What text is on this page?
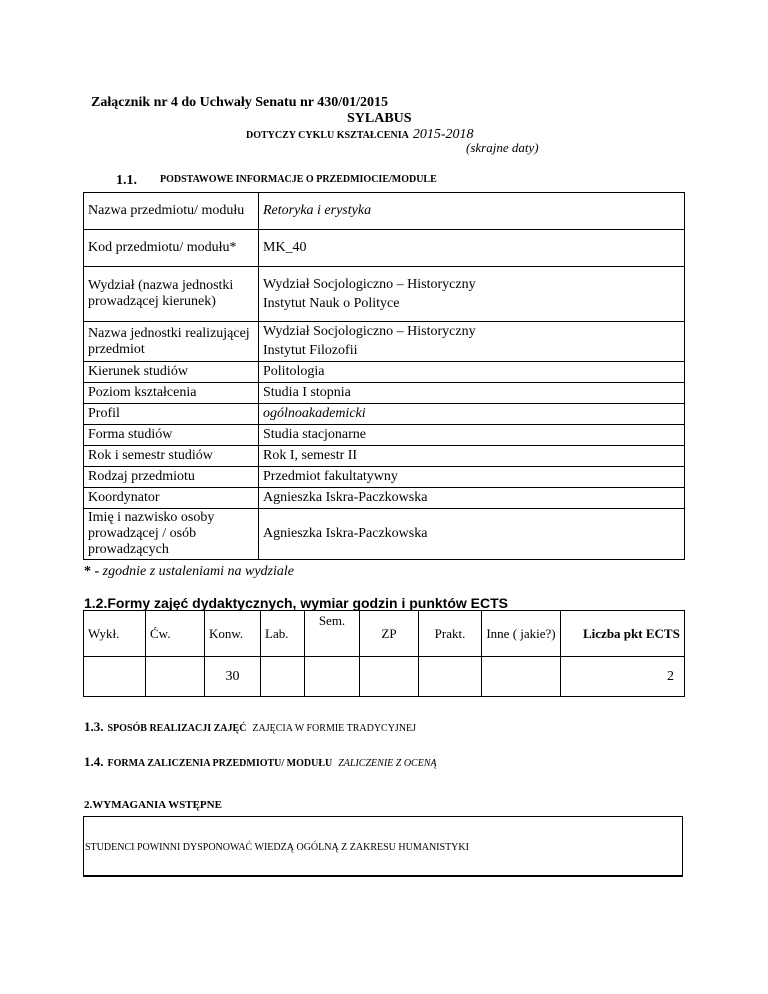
Załącznik nr 4 do Uchwały Senatu nr 430/01/2015
SYLABUS
DOTYCZY CYKLU KSZTAŁCENIA 2015-2018
(skrajne daty)
1.1. PODSTAWOWE INFORMACJE O PRZEDMIOCIE/MODULE
Nazwa przedmiotu/ modułu	Retoryka i erystyka
Kod przedmiotu/ modułu*	MK_40
Wydział (nazwa jednostki prowadzącej kierunek)	Wydział Socjologiczno – Historyczny
Instytut Nauk o Polityce

Nazwa jednostki realizującej przedmiot	Wydział Socjologiczno – Historyczny
Instytut Filozofii

Kierunek studiów	Politologia
Poziom kształcenia	Studia I stopnia
Profil	ogólnoakademicki
Forma studiów	Studia stacjonarne
Rok i semestr studiów	Rok I, semestr II
Rodzaj przedmiotu	Przedmiot fakultatywny
Koordynator	Agnieszka Iskra-Paczkowska
Imię i nazwisko osoby prowadzącej / osób prowadzących	Agnieszka Iskra-Paczkowska
* - zgodnie z ustaleniami na wydziale
1.2.Formy zajęć dydaktycznych, wymiar godzin i punktów ECTS
Wykł.	Ćw.	Konw.	Lab.	Sem.	ZP	Prakt.	Inne ( jakie?)	Liczba pkt ECTS
		30						2
1.3. SPOSÓB REALIZACJI ZAJĘĆ ZAJĘCIA W FORMIE TRADYCYJNEJ
1.4. FORMA ZALICZENIA PRZEDMIOTU/ MODUŁU ZALICZENIE Z OCENĄ
2.WYMAGANIA WSTĘPNE
STUDENCI POWINNI DYSPONOWAĆ WIEDZĄ OGÓLNĄ Z ZAKRESU HUMANISTYKI
